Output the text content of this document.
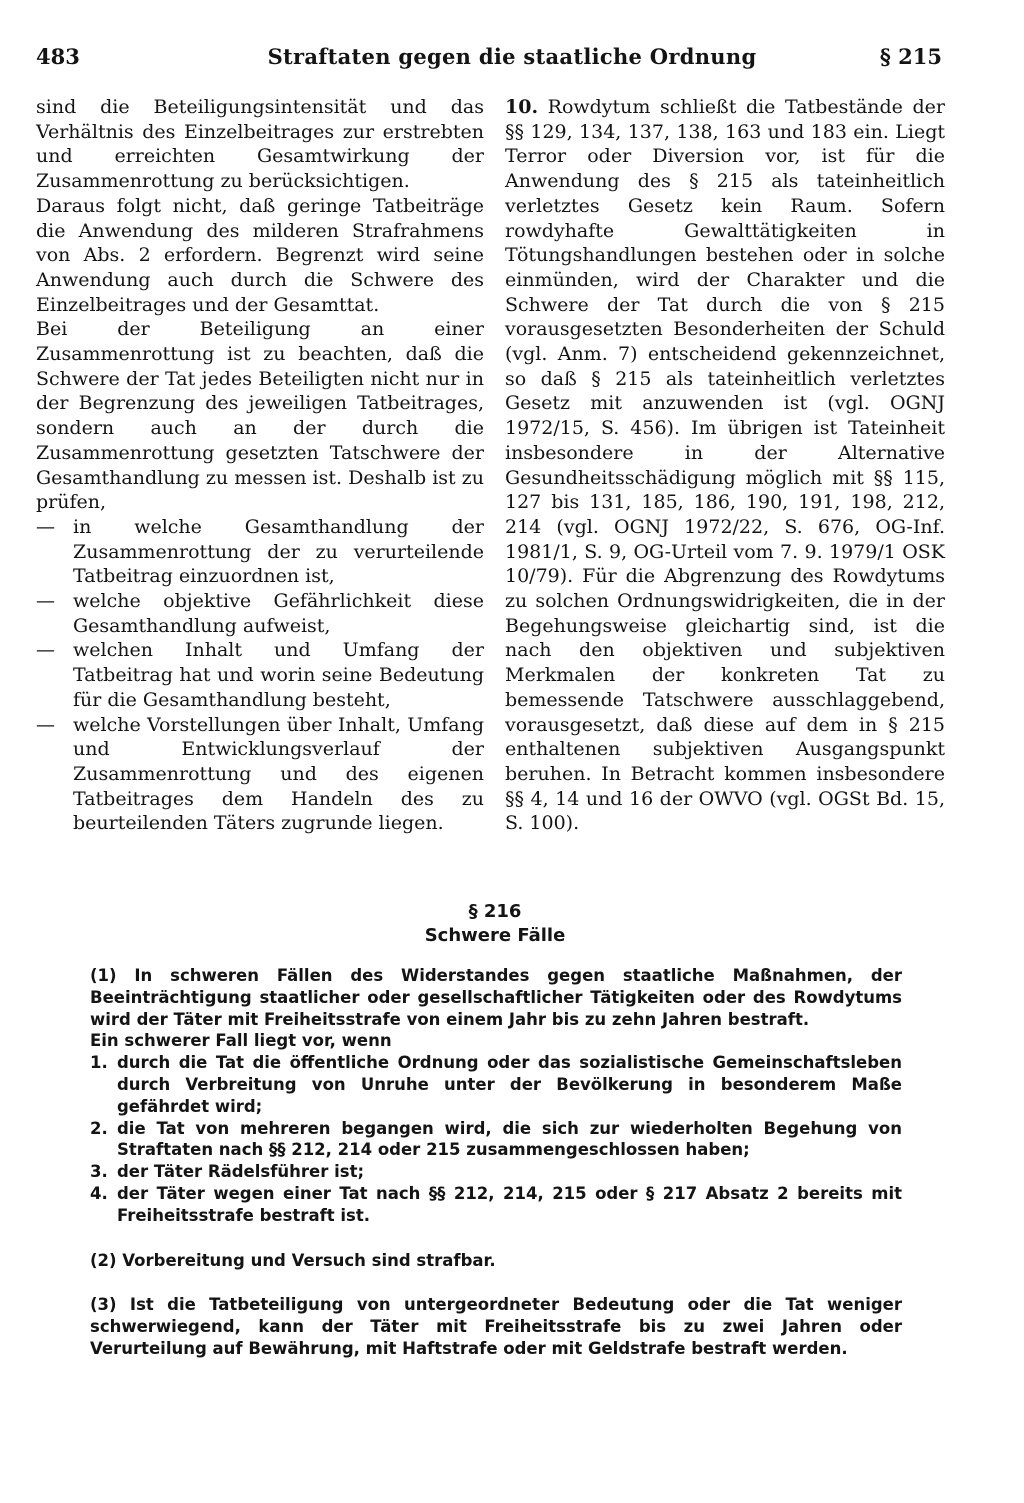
483	Straftaten gegen die staatliche Ordnung	§ 215

sind die Beteiligungsintensität und das Verhältnis des Einzelbeitrages zur erstrebten und erreichten Gesamtwirkung der Zusammenrottung zu berücksichtigen.

Daraus folgt nicht, daß geringe Tatbeiträge die Anwendung des milderen Strafrahmens von Abs. 2 erfordern. Begrenzt wird seine Anwendung auch durch die Schwere des Einzelbeitrages und der Gesamttat.

Bei der Beteiligung an einer Zusammenrottung ist zu beachten, daß die Schwere der Tat jedes Beteiligten nicht nur in der Begrenzung des jeweiligen Tatbeitrages, sondern auch an der durch die Zusammenrottung gesetzten Tatschwere der Gesamthandlung zu messen ist. Deshalb ist zu prüfen,

— in welche Gesamthandlung der Zusammenrottung der zu verurteilende Tatbeitrag einzuordnen ist,
— welche objektive Gefährlichkeit diese Gesamthandlung aufweist,
— welchen Inhalt und Umfang der Tatbeitrag hat und worin seine Bedeutung für die Gesamthandlung besteht,
— welche Vorstellungen über Inhalt, Umfang und Entwicklungsverlauf der Zusammenrottung und des eigenen Tatbeitrages dem Handeln des zu beurteilenden Täters zugrunde liegen.

10. Rowdytum schließt die Tatbestände der §§ 129, 134, 137, 138, 163 und 183 ein. Liegt Terror oder Diversion vor, ist für die Anwendung des § 215 als tateinheitlich verletztes Gesetz kein Raum. Sofern rowdyhafte Gewalttätigkeiten in Tötungshandlungen bestehen oder in solche einmünden, wird der Charakter und die Schwere der Tat durch die von § 215 vorausgesetzten Besonderheiten der Schuld (vgl. Anm. 7) entscheidend gekennzeichnet, so daß § 215 als tateinheitlich verletztes Gesetz mit anzuwenden ist (vgl. OGNJ 1972/15, S. 456). Im übrigen ist Tateinheit insbesondere in der Alternative Gesundheitsschädigung möglich mit §§ 115, 127 bis 131, 185, 186, 190, 191, 198, 212, 214 (vgl. OGNJ 1972/22, S. 676, OG-Inf. 1981/1, S. 9, OG-Urteil vom 7. 9. 1979/1 OSK 10/79). Für die Abgrenzung des Rowdytums zu solchen Ordnungswidrigkeiten, die in der Begehungsweise gleichartig sind, ist die nach den objektiven und subjektiven Merkmalen der konkreten Tat zu bemessende Tatschwere ausschlaggebend, vorausgesetzt, daß diese auf dem in § 215 enthaltenen subjektiven Ausgangspunkt beruhen. In Betracht kommen insbesondere §§ 4, 14 und 16 der OWVO (vgl. OGSt Bd. 15, S. 100).

§ 216
Schwere Fälle

(1) In schweren Fällen des Widerstandes gegen staatliche Maßnahmen, der Beeinträchtigung staatlicher oder gesellschaftlicher Tätigkeiten oder des Rowdytums wird der Täter mit Freiheitsstrafe von einem Jahr bis zu zehn Jahren bestraft.

Ein schwerer Fall liegt vor, wenn

1. durch die Tat die öffentliche Ordnung oder das sozialistische Gemeinschaftsleben durch Verbreitung von Unruhe unter der Bevölkerung in besonderem Maße gefährdet wird;
2. die Tat von mehreren begangen wird, die sich zur wiederholten Begehung von Straftaten nach §§ 212, 214 oder 215 zusammengeschlossen haben;
3. der Täter Rädelsführer ist;
4. der Täter wegen einer Tat nach §§ 212, 214, 215 oder § 217 Absatz 2 bereits mit Freiheitsstrafe bestraft ist.

(2) Vorbereitung und Versuch sind strafbar.

(3) Ist die Tatbeteiligung von untergeordneter Bedeutung oder die Tat weniger schwerwiegend, kann der Täter mit Freiheitsstrafe bis zu zwei Jahren oder Verurteilung auf Bewährung, mit Haftstrafe oder mit Geldstrafe bestraft werden.
